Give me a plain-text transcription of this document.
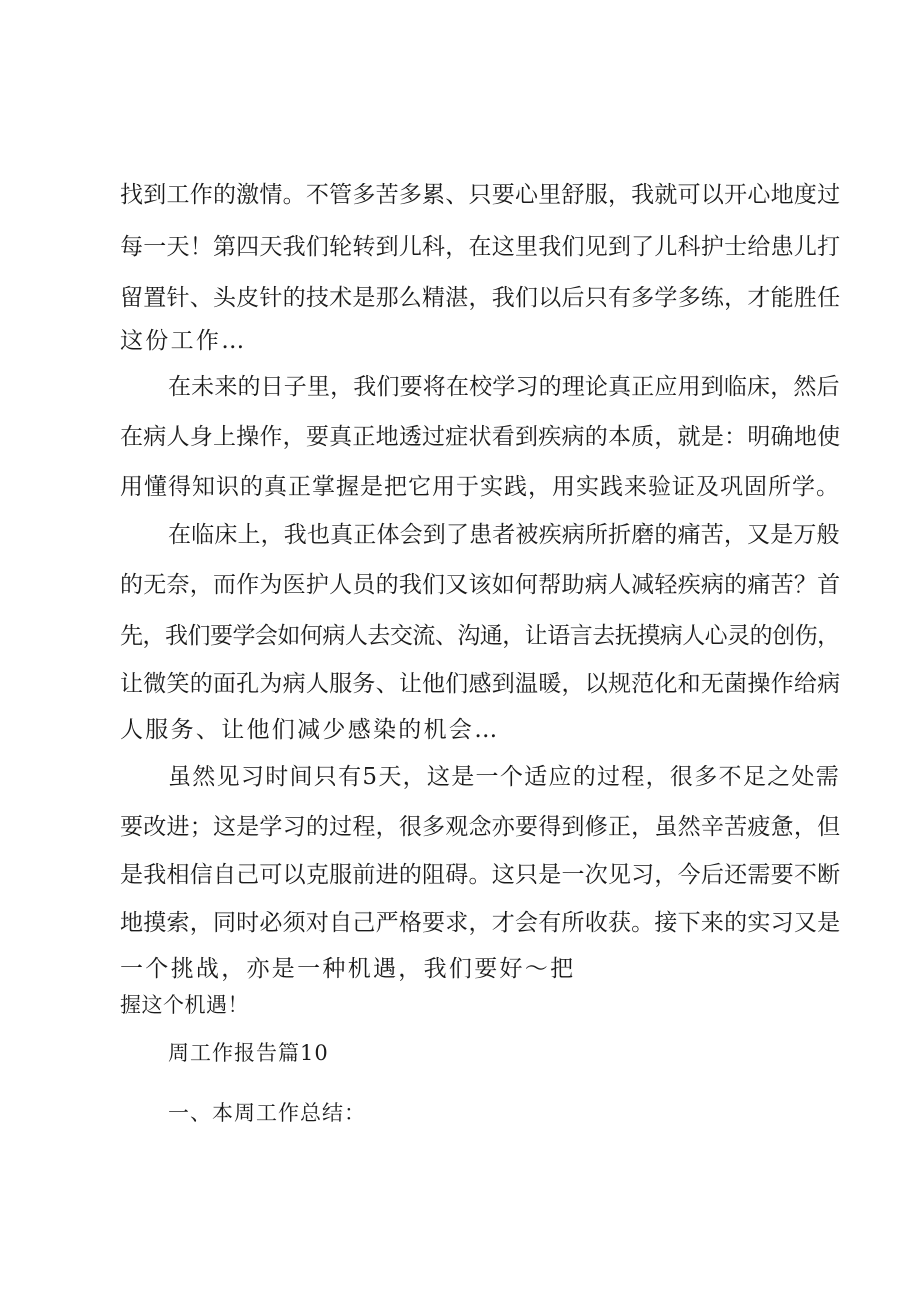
找到工作的激情。不管多苦多累、只要心里舒服，我就可以开心地度过
每一天！第四天我们轮转到儿科，在这里我们见到了儿科护士给患儿打
留置针、头皮针的技术是那么精湛，我们以后只有多学多练，才能胜任
这份工作…
在未来的日子里，我们要将在校学习的理论真正应用到临床，然后
在病人身上操作，要真正地透过症状看到疾病的本质，就是：明确地使
用懂得知识的真正掌握是把它用于实践，用实践来验证及巩固所学。
在临床上，我也真正体会到了患者被疾病所折磨的痛苦，又是万般
的无奈，而作为医护人员的我们又该如何帮助病人减轻疾病的痛苦？首
先，我们要学会如何病人去交流、沟通，让语言去抚摸病人心灵的创伤，
让微笑的面孔为病人服务、让他们感到温暖，以规范化和无菌操作给病
人服务、让他们减少感染的机会…
虽然见习时间只有5天，这是一个适应的过程，很多不足之处需
要改进；这是学习的过程，很多观念亦要得到修正，虽然辛苦疲惫，但
是我相信自己可以克服前进的阻碍。这只是一次见习，今后还需要不断
地摸索，同时必须对自己严格要求，才会有所收获。接下来的实习又是
一个挑战，亦是一种机遇，我们要好～把
握这个机遇！
周工作报告篇10
一、本周工作总结：
